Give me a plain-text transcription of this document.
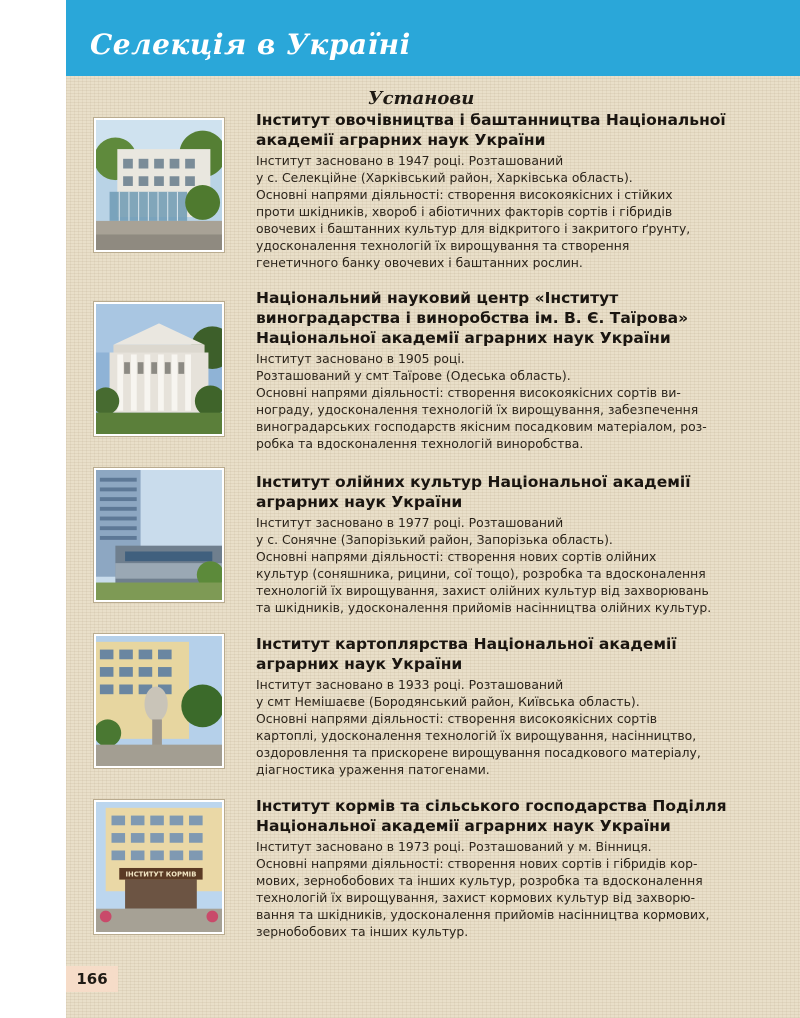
Селекція в Україні
Установи
ІНСТИТУТ КОРМІВ
Інститут овочівництва і баштанництва Національної академії аграрних наук України

Інститут засновано в 1947 році. Розташований

у с. Селекційне (Харківський район, Харківська область).

Основні напрями діяльності: створення високоякісних і стійких

проти шкідників, хвороб і абіотичних факторів сортів і гібридів

овочевих і баштанних культур для відкритого і закритого ґрунту,

удосконалення технологій їх вирощування та створення

генетичного банку овочевих і баштанних рослин.

Національний науковий центр «Інститут виноградарства і виноробства ім. В. Є. Таїрова» Національної академії аграрних наук України

Інститут засновано в 1905 році.

Розташований у смт Таїрове (Одеська область).

Основні напрями діяльності: створення високоякісних сортів ви-

нограду, удосконалення технологій їх вирощування, забезпечення

виноградарських господарств якісним посадковим матеріалом, роз-

робка та вдосконалення технологій виноробства.

Інститут олійних культур Національної академії аграрних наук України

Інститут засновано в 1977 році. Розташований

у с. Сонячне (Запорізький район, Запорізька область).

Основні напрями діяльності: створення нових сортів олійних

культур (соняшника, рицини, сої тощо), розробка та вдосконалення

технологій їх вирощування, захист олійних культур від захворювань

та шкідників, удосконалення прийомів насінництва олійних культур.

Інститут картоплярства Національної академії аграрних наук України

Інститут засновано в 1933 році. Розташований

у смт Немішаєве (Бородянський район, Київська область).

Основні напрями діяльності: створення високоякісних сортів

картоплі, удосконалення технологій їх вирощування, насінництво,

оздоровлення та прискорене вирощування посадкового матеріалу,

діагностика ураження патогенами.

Інститут кормів та сільського господарства Поділля Національної академії аграрних наук України

Інститут засновано в 1973 році. Розташований у м. Вінниця.

Основні напрями діяльності: створення нових сортів і гібридів кор-

мових, зернобобових та інших культур, розробка та вдосконалення

технологій їх вирощування, захист кормових культур від захворю-

вання та шкідників, удосконалення прийомів насінництва кормових,

зернобобових та інших культур.

166
